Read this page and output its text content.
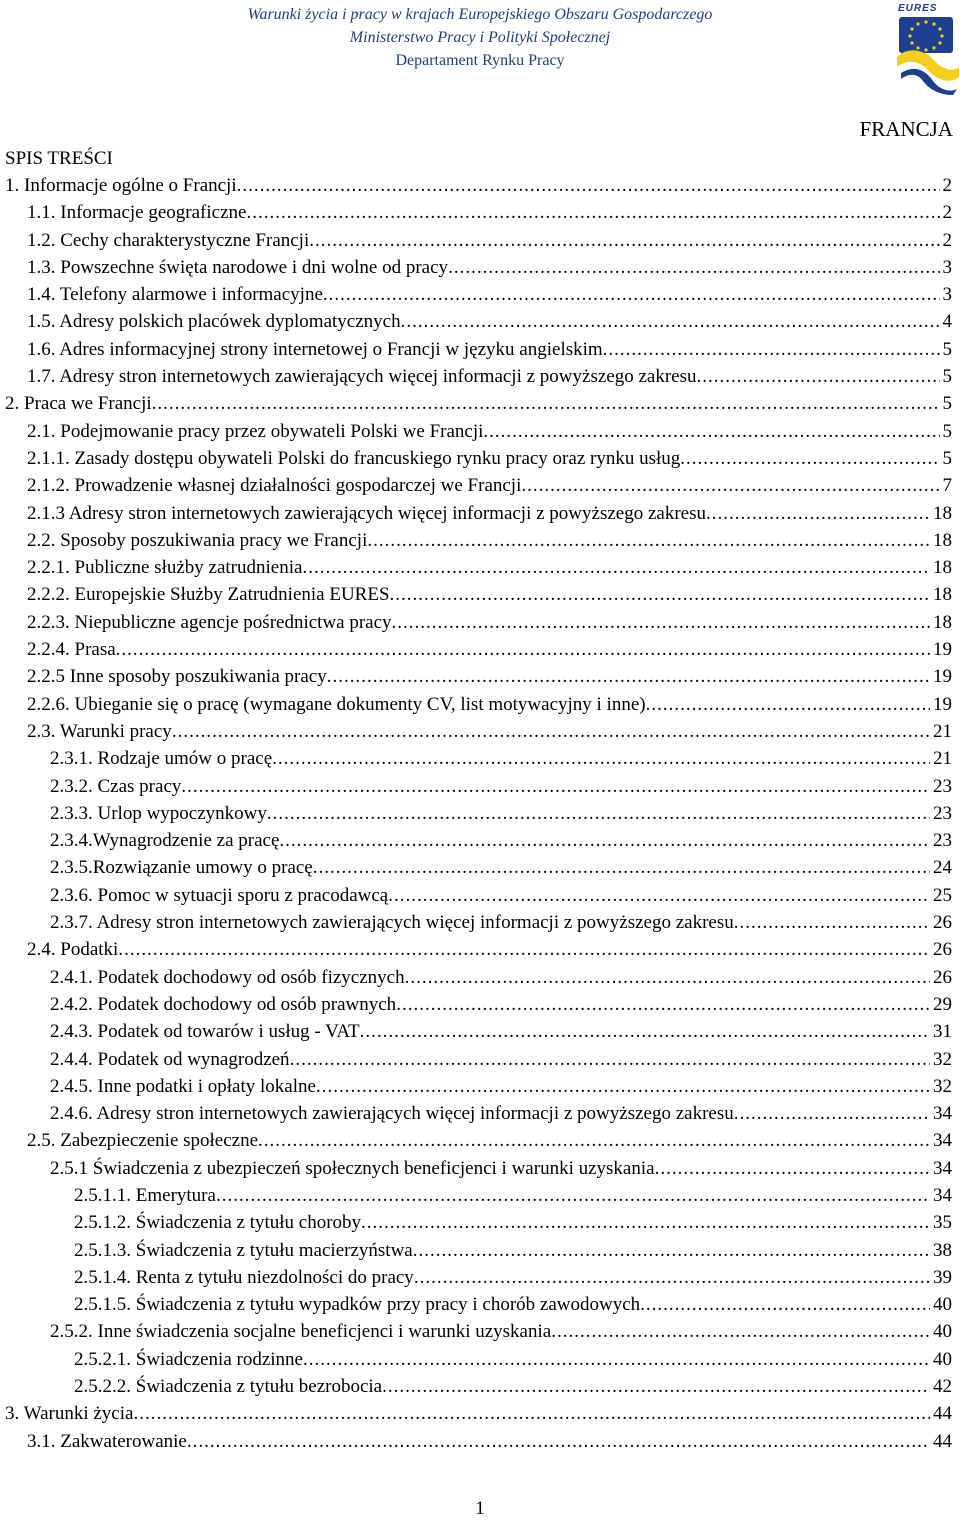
Warunki życia i pracy w krajach Europejskiego Obszaru Gospodarczego
Ministerstwo Pracy i Polityki Społecznej
Departament Rynku Pracy
EURES
FRANCJA
SPIS TREŚCI
1. Informacje ogólne o Francji .....	2
1.1. Informacje geograficzne .....	2
1.2. Cechy charakterystyczne Francji .....	2
1.3. Powszechne święta narodowe i dni wolne od pracy .....	3
1.4. Telefony alarmowe i informacyjne .....	3
1.5. Adresy polskich placówek dyplomatycznych .....	4
1.6. Adres informacyjnej strony internetowej o Francji w języku angielskim .....	5
1.7. Adresy stron internetowych zawierających więcej informacji z powyższego zakresu .....	5
2. Praca we Francji .....	5
2.1. Podejmowanie pracy przez obywateli Polski we Francji .....	5
2.1.1. Zasady dostępu obywateli Polski do francuskiego rynku pracy oraz rynku usług .....	5
2.1.2. Prowadzenie własnej działalności gospodarczej we Francji .....	7
2.1.3 Adresy stron internetowych zawierających więcej informacji z powyższego zakresu .....	18
2.2. Sposoby poszukiwania pracy we Francji .....	18
2.2.1. Publiczne służby zatrudnienia .....	18
2.2.2. Europejskie Służby Zatrudnienia EURES .....	18
2.2.3. Niepubliczne agencje pośrednictwa pracy .....	18
2.2.4. Prasa .....	19
2.2.5 Inne sposoby poszukiwania pracy .....	19
2.2.6. Ubieganie się o pracę (wymagane dokumenty CV, list motywacyjny i inne) .....	19
2.3. Warunki pracy .....	21
2.3.1. Rodzaje umów o pracę .....	21
2.3.2. Czas pracy .....	23
2.3.3. Urlop wypoczynkowy .....	23
2.3.4.Wynagrodzenie za pracę .....	23
2.3.5.Rozwiązanie umowy o pracę .....	24
2.3.6. Pomoc w sytuacji sporu z pracodawcą .....	25
2.3.7. Adresy stron internetowych zawierających więcej informacji z powyższego zakresu .....	26
2.4. Podatki .....	26
2.4.1. Podatek dochodowy od osób fizycznych .....	26
2.4.2. Podatek dochodowy od osób prawnych .....	29
2.4.3. Podatek od towarów i usług - VAT .....	31
2.4.4. Podatek od wynagrodzeń .....	32
2.4.5. Inne podatki i opłaty lokalne .....	32
2.4.6. Adresy stron internetowych zawierających więcej informacji z powyższego zakresu .....	34
2.5. Zabezpieczenie społeczne .....	34
2.5.1 Świadczenia z ubezpieczeń społecznych beneficjenci i warunki uzyskania .....	34
2.5.1.1. Emerytura .....	34
2.5.1.2. Świadczenia z tytułu choroby .....	35
2.5.1.3. Świadczenia z tytułu macierzyństwa .....	38
2.5.1.4. Renta z tytułu niezdolności do pracy .....	39
2.5.1.5. Świadczenia z tytułu wypadków przy pracy i chorób zawodowych .....	40
2.5.2. Inne świadczenia socjalne beneficjenci i warunki uzyskania .....	40
2.5.2.1. Świadczenia rodzinne .....	40
2.5.2.2. Świadczenia z tytułu bezrobocia .....	42
3. Warunki życia .....	44
3.1. Zakwaterowanie .....	44
1
